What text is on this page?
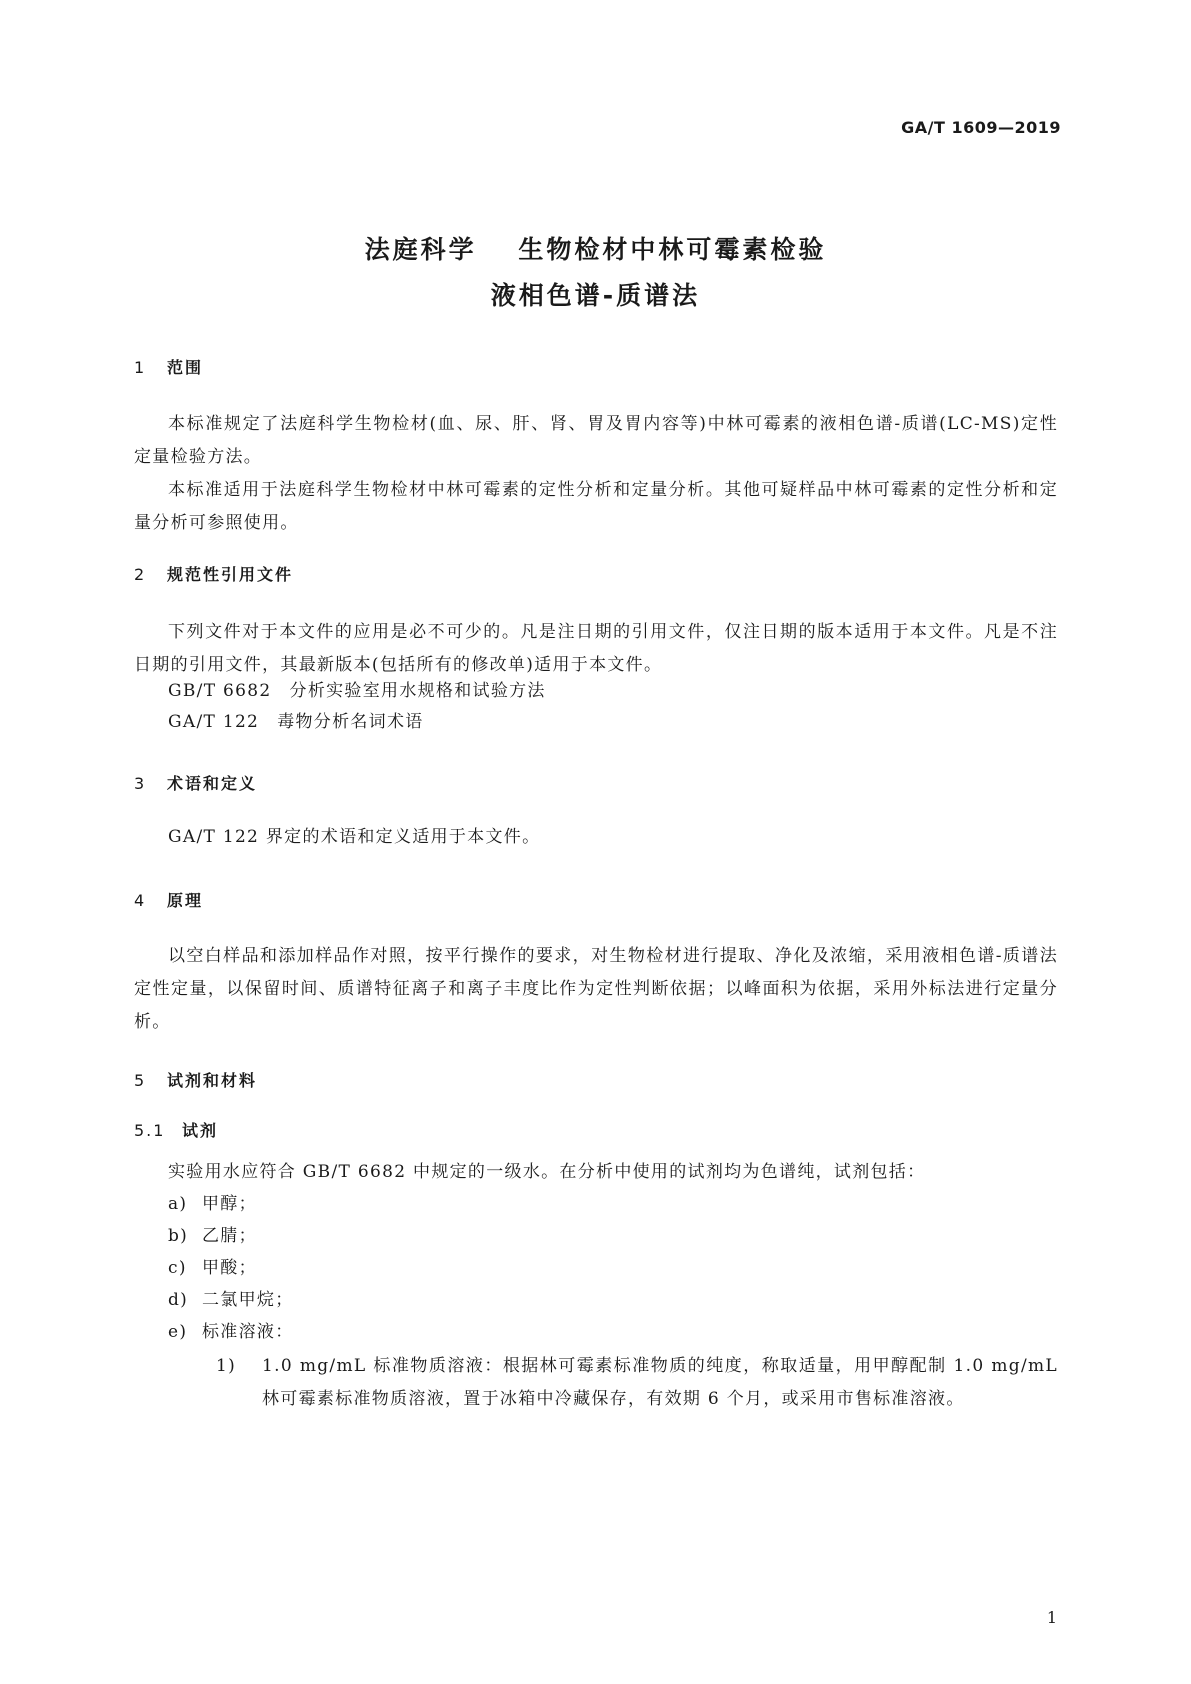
GA/T 1609—2019
法庭科学 生物检材中林可霉素检验
液相色谱-质谱法
1 范围
本标准规定了法庭科学生物检材(血、尿、肝、肾、胃及胃内容等)中林可霉素的液相色谱-质谱(LC-MS)定性定量检验方法。
本标准适用于法庭科学生物检材中林可霉素的定性分析和定量分析。其他可疑样品中林可霉素的定性分析和定量分析可参照使用。
2 规范性引用文件
下列文件对于本文件的应用是必不可少的。凡是注日期的引用文件，仅注日期的版本适用于本文件。凡是不注日期的引用文件，其最新版本(包括所有的修改单)适用于本文件。
GB/T 6682 分析实验室用水规格和试验方法
GA/T 122 毒物分析名词术语
3 术语和定义
GA/T 122 界定的术语和定义适用于本文件。
4 原理
以空白样品和添加样品作对照，按平行操作的要求，对生物检材进行提取、净化及浓缩，采用液相色谱-质谱法定性定量，以保留时间、质谱特征离子和离子丰度比作为定性判断依据；以峰面积为依据，采用外标法进行定量分析。
5 试剂和材料
5.1 试剂
实验用水应符合 GB/T 6682 中规定的一级水。在分析中使用的试剂均为色谱纯，试剂包括：
a) 甲醇；
b) 乙腈；
c) 甲酸；
d) 二氯甲烷；
e) 标准溶液：
1)	1.0 mg/mL 标准物质溶液：根据林可霉素标准物质的纯度，称取适量，用甲醇配制 1.0 mg/mL 林可霉素标准物质溶液，置于冰箱中冷藏保存，有效期 6 个月，或采用市售标准溶液。
1
